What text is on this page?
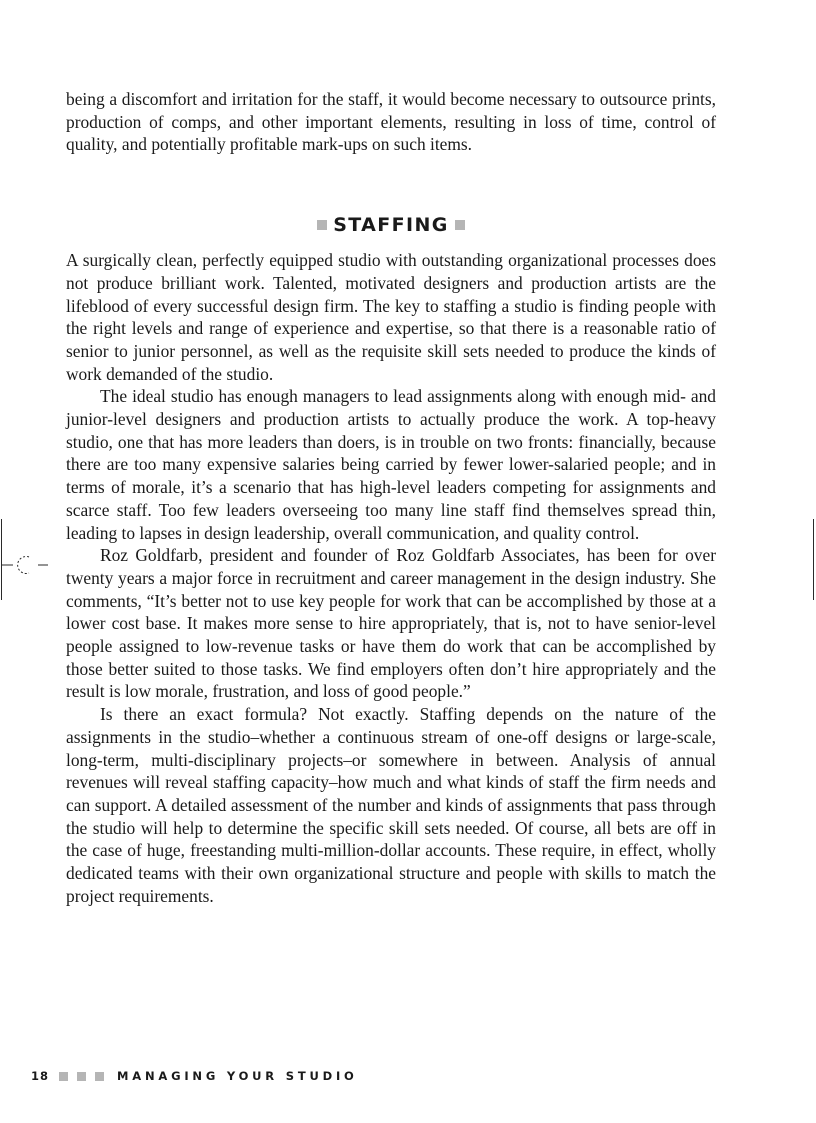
being a discomfort and irritation for the staff, it would become necessary to outsource prints, production of comps, and other important elements, resulting in loss of time, control of quality, and potentially profitable mark-ups on such items.

STAFFING

A surgically clean, perfectly equipped studio with outstanding organizational processes does not produce brilliant work. Talented, motivated designers and production artists are the lifeblood of every successful design firm. The key to staffing a studio is finding people with the right levels and range of experience and expertise, so that there is a reasonable ratio of senior to junior personnel, as well as the requisite skill sets needed to produce the kinds of work demanded of the studio.

The ideal studio has enough managers to lead assignments along with enough mid- and junior-level designers and production artists to actually produce the work. A top-heavy studio, one that has more leaders than doers, is in trouble on two fronts: financially, because there are too many expensive salaries being carried by fewer lower-salaried people; and in terms of morale, it’s a scenario that has high-level leaders competing for assignments and scarce staff. Too few leaders overseeing too many line staff find themselves spread thin, leading to lapses in design leadership, overall communication, and quality control.

Roz Goldfarb, president and founder of Roz Goldfarb Associates, has been for over twenty years a major force in recruitment and career management in the design industry. She comments, “It’s better not to use key people for work that can be accomplished by those at a lower cost base. It makes more sense to hire appropriately, that is, not to have senior-level people assigned to low-revenue tasks or have them do work that can be accomplished by those better suited to those tasks. We find employers often don’t hire appropriately and the result is low morale, frustration, and loss of good people.”

Is there an exact formula? Not exactly. Staffing depends on the nature of the assignments in the studio–whether a continuous stream of one-off designs or large-scale, long-term, multi-disciplinary projects–or somewhere in between. Analysis of annual revenues will reveal staffing capacity–how much and what kinds of staff the firm needs and can support. A detailed assessment of the number and kinds of assignments that pass through the studio will help to determine the specific skill sets needed. Of course, all bets are off in the case of huge, freestanding multi-million-dollar accounts. These require, in effect, wholly dedicated teams with their own organizational structure and people with skills to match the project requirements.

18	MANAGING YOUR STUDIO
